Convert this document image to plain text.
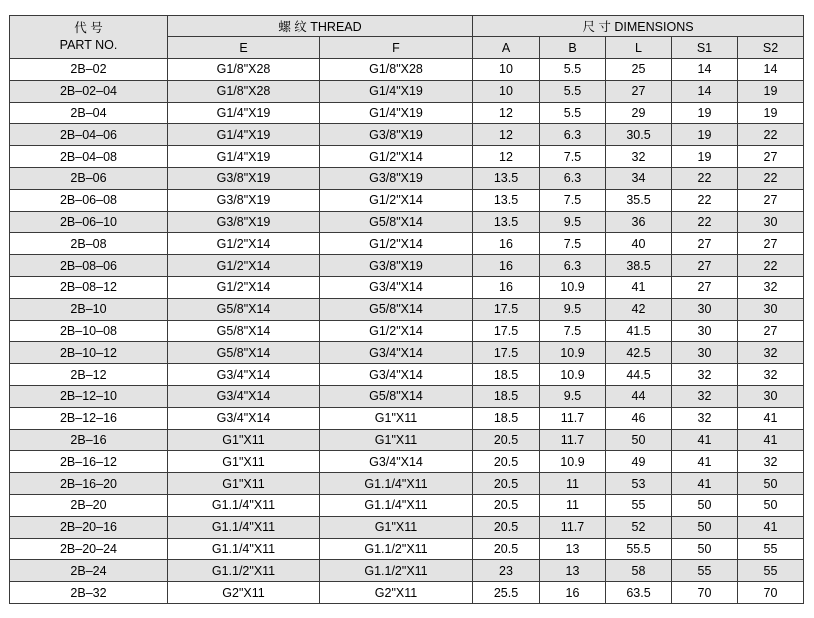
代 号
PART NO.	螺 纹 THREAD		尺 寸 DIMENSIONS				
	E	F	A	B	L	S1	S2
2B–02	G1/8"X28	G1/8"X28	10	5.5	25	14	14
2B–02–04	G1/8"X28	G1/4"X19	10	5.5	27	14	19
2B–04	G1/4"X19	G1/4"X19	12	5.5	29	19	19
2B–04–06	G1/4"X19	G3/8"X19	12	6.3	30.5	19	22
2B–04–08	G1/4"X19	G1/2"X14	12	7.5	32	19	27
2B–06	G3/8"X19	G3/8"X19	13.5	6.3	34	22	22
2B–06–08	G3/8"X19	G1/2"X14	13.5	7.5	35.5	22	27
2B–06–10	G3/8"X19	G5/8"X14	13.5	9.5	36	22	30
2B–08	G1/2"X14	G1/2"X14	16	7.5	40	27	27
2B–08–06	G1/2"X14	G3/8"X19	16	6.3	38.5	27	22
2B–08–12	G1/2"X14	G3/4"X14	16	10.9	41	27	32
2B–10	G5/8"X14	G5/8"X14	17.5	9.5	42	30	30
2B–10–08	G5/8"X14	G1/2"X14	17.5	7.5	41.5	30	27
2B–10–12	G5/8"X14	G3/4"X14	17.5	10.9	42.5	30	32
2B–12	G3/4"X14	G3/4"X14	18.5	10.9	44.5	32	32
2B–12–10	G3/4"X14	G5/8"X14	18.5	9.5	44	32	30
2B–12–16	G3/4"X14	G1"X11	18.5	11.7	46	32	41
2B–16	G1"X11	G1"X11	20.5	11.7	50	41	41
2B–16–12	G1"X11	G3/4"X14	20.5	10.9	49	41	32
2B–16–20	G1"X11	G1.1/4"X11	20.5	11	53	41	50
2B–20	G1.1/4"X11	G1.1/4"X11	20.5	11	55	50	50
2B–20–16	G1.1/4"X11	G1"X11	20.5	11.7	52	50	41
2B–20–24	G1.1/4"X11	G1.1/2"X11	20.5	13	55.5	50	55
2B–24	G1.1/2"X11	G1.1/2"X11	23	13	58	55	55
2B–32	G2"X11	G2"X11	25.5	16	63.5	70	70
